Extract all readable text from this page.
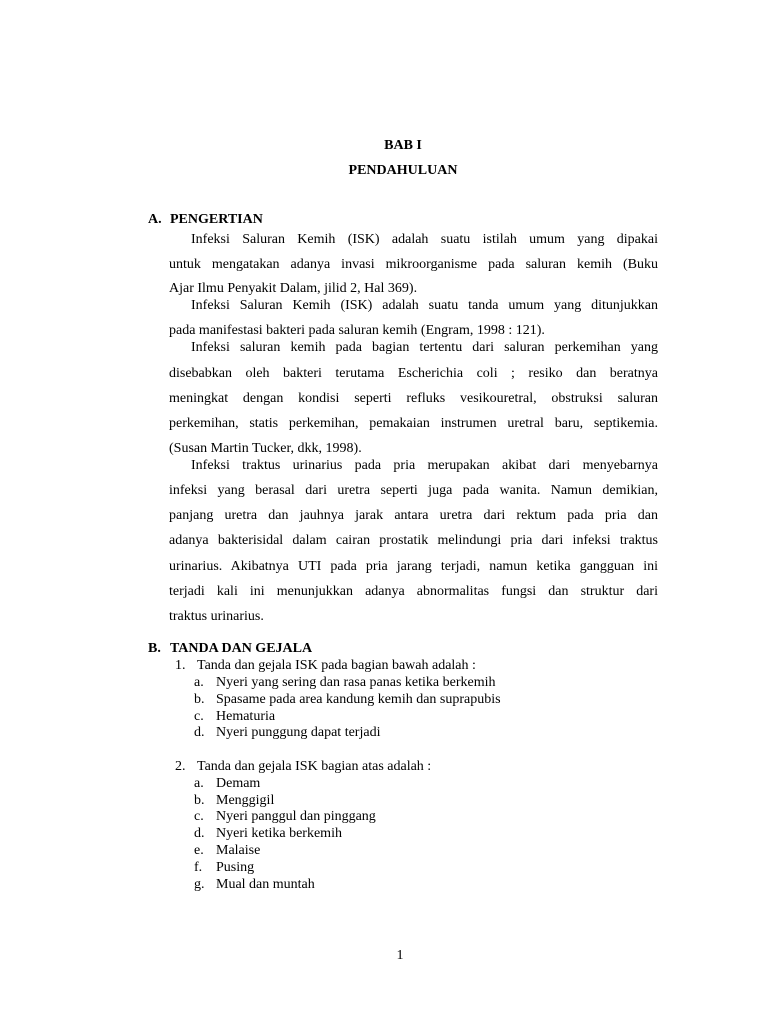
BAB I
PENDAHULUAN
A. PENGERTIAN
Infeksi Saluran Kemih (ISK) adalah suatu istilah umum yang dipakai
untuk mengatakan adanya invasi mikroorganisme pada saluran kemih (Buku
Ajar Ilmu Penyakit Dalam, jilid 2, Hal 369).
Infeksi Saluran Kemih (ISK) adalah suatu tanda umum yang ditunjukkan
pada manifestasi bakteri pada saluran kemih (Engram, 1998 : 121).
Infeksi saluran kemih pada bagian tertentu dari saluran perkemihan yang
disebabkan oleh bakteri terutama Escherichia coli ; resiko dan beratnya
meningkat dengan kondisi seperti refluks vesikouretral, obstruksi saluran
perkemihan, statis perkemihan, pemakaian instrumen uretral baru, septikemia.
(Susan Martin Tucker, dkk, 1998).
Infeksi traktus urinarius pada pria merupakan akibat dari menyebarnya
infeksi yang berasal dari uretra seperti juga pada wanita. Namun demikian,
panjang uretra dan jauhnya jarak antara uretra dari rektum pada pria dan
adanya bakterisidal dalam cairan prostatik melindungi pria dari infeksi traktus
urinarius. Akibatnya UTI pada pria jarang terjadi, namun ketika gangguan ini
terjadi kali ini menunjukkan adanya abnormalitas fungsi dan struktur dari
traktus urinarius.
B. TANDA DAN GEJALA
1. Tanda dan gejala ISK pada bagian bawah adalah :
a. Nyeri yang sering dan rasa panas ketika berkemih
b. Spasame pada area kandung kemih dan suprapubis
c. Hematuria
d. Nyeri punggung dapat terjadi
2. Tanda dan gejala ISK bagian atas adalah :
a. Demam
b. Menggigil
c. Nyeri panggul dan pinggang
d. Nyeri ketika berkemih
e. Malaise
f. Pusing
g. Mual dan muntah
1
